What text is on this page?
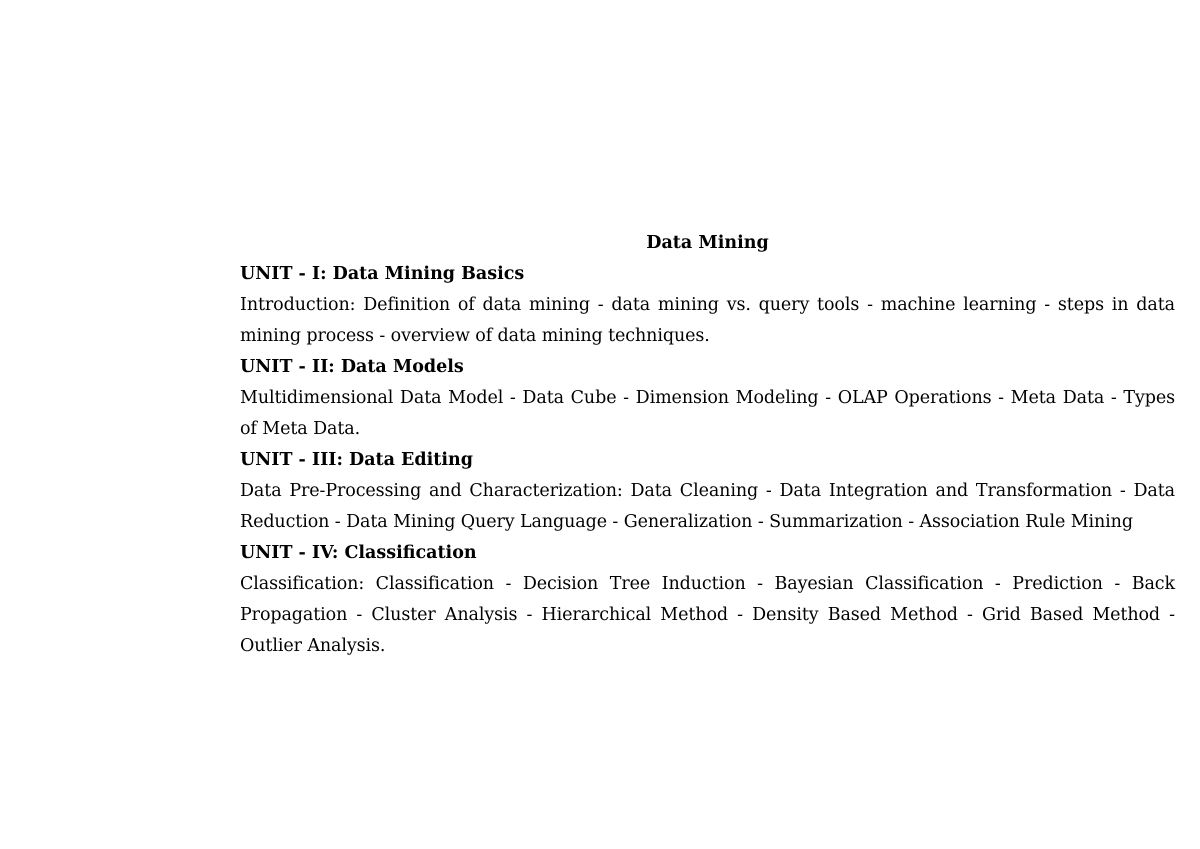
Data Mining

UNIT - I: Data Mining Basics

Introduction: Definition of data mining - data mining vs. query tools - machine learning - steps in data mining process - overview of data mining techniques.

UNIT - II: Data Models

Multidimensional Data Model - Data Cube - Dimension Modeling - OLAP Operations - Meta Data - Types of Meta Data.

UNIT - III: Data Editing

Data Pre-Processing and Characterization: Data Cleaning - Data Integration and Transformation - Data Reduction - Data Mining Query Language - Generalization - Summarization - Association Rule Mining

UNIT - IV: Classification

Classification: Classification - Decision Tree Induction - Bayesian Classification - Prediction - Back Propagation - Cluster Analysis - Hierarchical Method - Density Based Method - Grid Based Method - Outlier Analysis.
